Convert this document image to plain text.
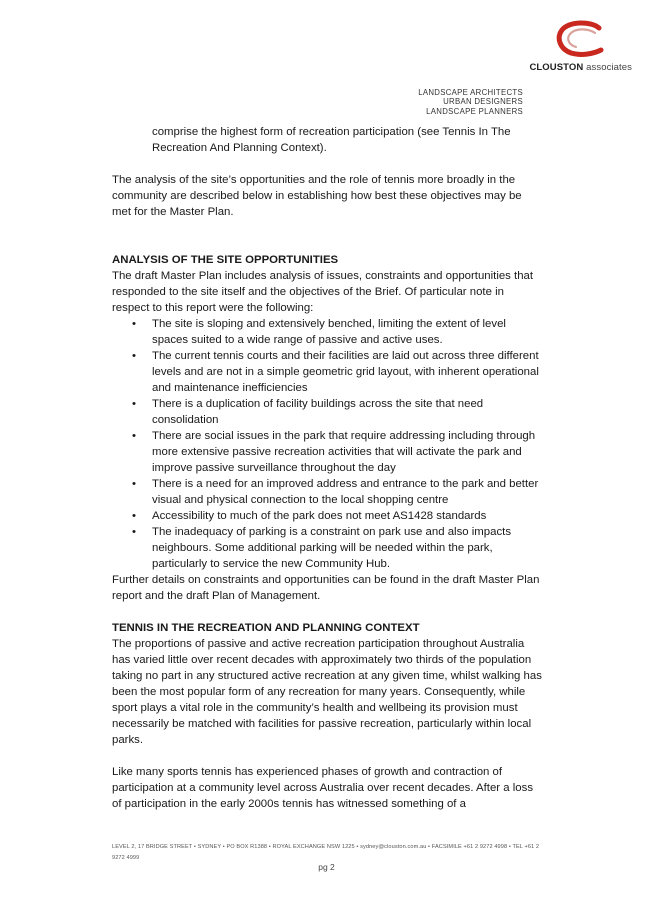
CLOUSTON associates
LANDSCAPE ARCHITECTS
URBAN DESIGNERS
LANDSCAPE PLANNERS

comprise the highest form of recreation participation (see Tennis In The Recreation And Planning Context).

The analysis of the site’s opportunities and the role of tennis more broadly in the community are described below in establishing how best these objectives may be met for the Master Plan.

ANALYSIS OF THE SITE OPPORTUNITIES

The draft Master Plan includes analysis of issues, constraints and opportunities that responded to the site itself and the objectives of the Brief. Of particular note in respect to this report were the following:

• The site is sloping and extensively benched, limiting the extent of level spaces suited to a wide range of passive and active uses.
• The current tennis courts and their facilities are laid out across three different levels and are not in a simple geometric grid layout, with inherent operational and maintenance inefficiencies
• There is a duplication of facility buildings across the site that need consolidation
• There are social issues in the park that require addressing including through more extensive passive recreation activities that will activate the park and improve passive surveillance throughout the day
• There is a need for an improved address and entrance to the park and better visual and physical connection to the local shopping centre
• Accessibility to much of the park does not meet AS1428 standards
• The inadequacy of parking is a constraint on park use and also impacts neighbours. Some additional parking will be needed within the park, particularly to service the new Community Hub.

Further details on constraints and opportunities can be found in the draft Master Plan report and the draft Plan of Management.

TENNIS IN THE RECREATION AND PLANNING CONTEXT

The proportions of passive and active recreation participation throughout Australia has varied little over recent decades with approximately two thirds of the population taking no part in any structured active recreation at any given time, whilst walking has been the most popular form of any recreation for many years. Consequently, while sport plays a vital role in the community’s health and wellbeing its provision must necessarily be matched with facilities for passive recreation, particularly within local parks.

Like many sports tennis has experienced phases of growth and contraction of participation at a community level across Australia over recent decades. After a loss of participation in the early 2000s tennis has witnessed something of a

LEVEL 2, 17 BRIDGE STREET • SYDNEY • PO BOX R1388 • ROYAL EXCHANGE NSW 1225 • sydney@clouston.com.au • FACSIMILE +61 2 9272 4998 • TEL +61 2 9272 4999
pg 2
